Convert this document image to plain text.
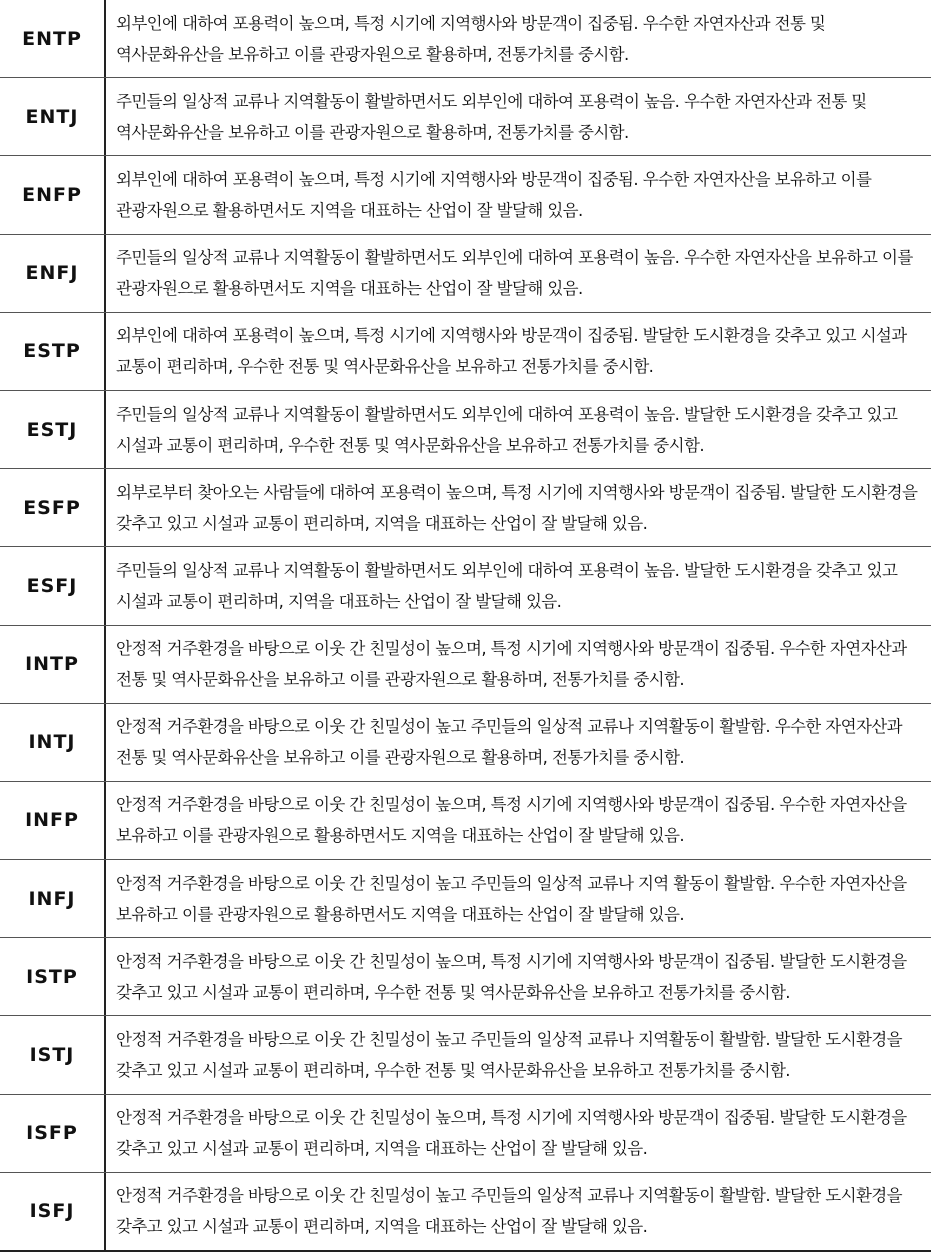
ENTP
외부인에 대하여 포용력이 높으며, 특정 시기에 지역행사와 방문객이 집중됨. 우수한 자연자산과 전통 및 역사문화유산을 보유하고 이를 관광자원으로 활용하며, 전통가치를 중시함.
ENTJ
주민들의 일상적 교류나 지역활동이 활발하면서도 외부인에 대하여 포용력이 높음. 우수한 자연자산과 전통 및 역사문화유산을 보유하고 이를 관광자원으로 활용하며, 전통가치를 중시함.
ENFP
외부인에 대하여 포용력이 높으며, 특정 시기에 지역행사와 방문객이 집중됨. 우수한 자연자산을 보유하고 이를 관광자원으로 활용하면서도 지역을 대표하는 산업이 잘 발달해 있음.
ENFJ
주민들의 일상적 교류나 지역활동이 활발하면서도 외부인에 대하여 포용력이 높음. 우수한 자연자산을 보유하고 이를 관광자원으로 활용하면서도 지역을 대표하는 산업이 잘 발달해 있음.
ESTP
외부인에 대하여 포용력이 높으며, 특정 시기에 지역행사와 방문객이 집중됨. 발달한 도시환경을 갖추고 있고 시설과 교통이 편리하며, 우수한 전통 및 역사문화유산을 보유하고 전통가치를 중시함.
ESTJ
주민들의 일상적 교류나 지역활동이 활발하면서도 외부인에 대하여 포용력이 높음. 발달한 도시환경을 갖추고 있고 시설과 교통이 편리하며, 우수한 전통 및 역사문화유산을 보유하고 전통가치를 중시함.
ESFP
외부로부터 찾아오는 사람들에 대하여 포용력이 높으며, 특정 시기에 지역행사와 방문객이 집중됨. 발달한 도시환경을 갖추고 있고 시설과 교통이 편리하며, 지역을 대표하는 산업이 잘 발달해 있음.
ESFJ
주민들의 일상적 교류나 지역활동이 활발하면서도 외부인에 대하여 포용력이 높음. 발달한 도시환경을 갖추고 있고 시설과 교통이 편리하며, 지역을 대표하는 산업이 잘 발달해 있음.
INTP
안정적 거주환경을 바탕으로 이웃 간 친밀성이 높으며, 특정 시기에 지역행사와 방문객이 집중됨. 우수한 자연자산과 전통 및 역사문화유산을 보유하고 이를 관광자원으로 활용하며, 전통가치를 중시함.
INTJ
안정적 거주환경을 바탕으로 이웃 간 친밀성이 높고 주민들의 일상적 교류나 지역활동이 활발함. 우수한 자연자산과 전통 및 역사문화유산을 보유하고 이를 관광자원으로 활용하며, 전통가치를 중시함.
INFP
안정적 거주환경을 바탕으로 이웃 간 친밀성이 높으며, 특정 시기에 지역행사와 방문객이 집중됨. 우수한 자연자산을 보유하고 이를 관광자원으로 활용하면서도 지역을 대표하는 산업이 잘 발달해 있음.
INFJ
안정적 거주환경을 바탕으로 이웃 간 친밀성이 높고 주민들의 일상적 교류나 지역 활동이 활발함. 우수한 자연자산을 보유하고 이를 관광자원으로 활용하면서도 지역을 대표하는 산업이 잘 발달해 있음.
ISTP
안정적 거주환경을 바탕으로 이웃 간 친밀성이 높으며, 특정 시기에 지역행사와 방문객이 집중됨. 발달한 도시환경을 갖추고 있고 시설과 교통이 편리하며, 우수한 전통 및 역사문화유산을 보유하고 전통가치를 중시함.
ISTJ
안정적 거주환경을 바탕으로 이웃 간 친밀성이 높고 주민들의 일상적 교류나 지역활동이 활발함. 발달한 도시환경을 갖추고 있고 시설과 교통이 편리하며, 우수한 전통 및 역사문화유산을 보유하고 전통가치를 중시함.
ISFP
안정적 거주환경을 바탕으로 이웃 간 친밀성이 높으며, 특정 시기에 지역행사와 방문객이 집중됨. 발달한 도시환경을 갖추고 있고 시설과 교통이 편리하며, 지역을 대표하는 산업이 잘 발달해 있음.
ISFJ
안정적 거주환경을 바탕으로 이웃 간 친밀성이 높고 주민들의 일상적 교류나 지역활동이 활발함. 발달한 도시환경을 갖추고 있고 시설과 교통이 편리하며, 지역을 대표하는 산업이 잘 발달해 있음.
